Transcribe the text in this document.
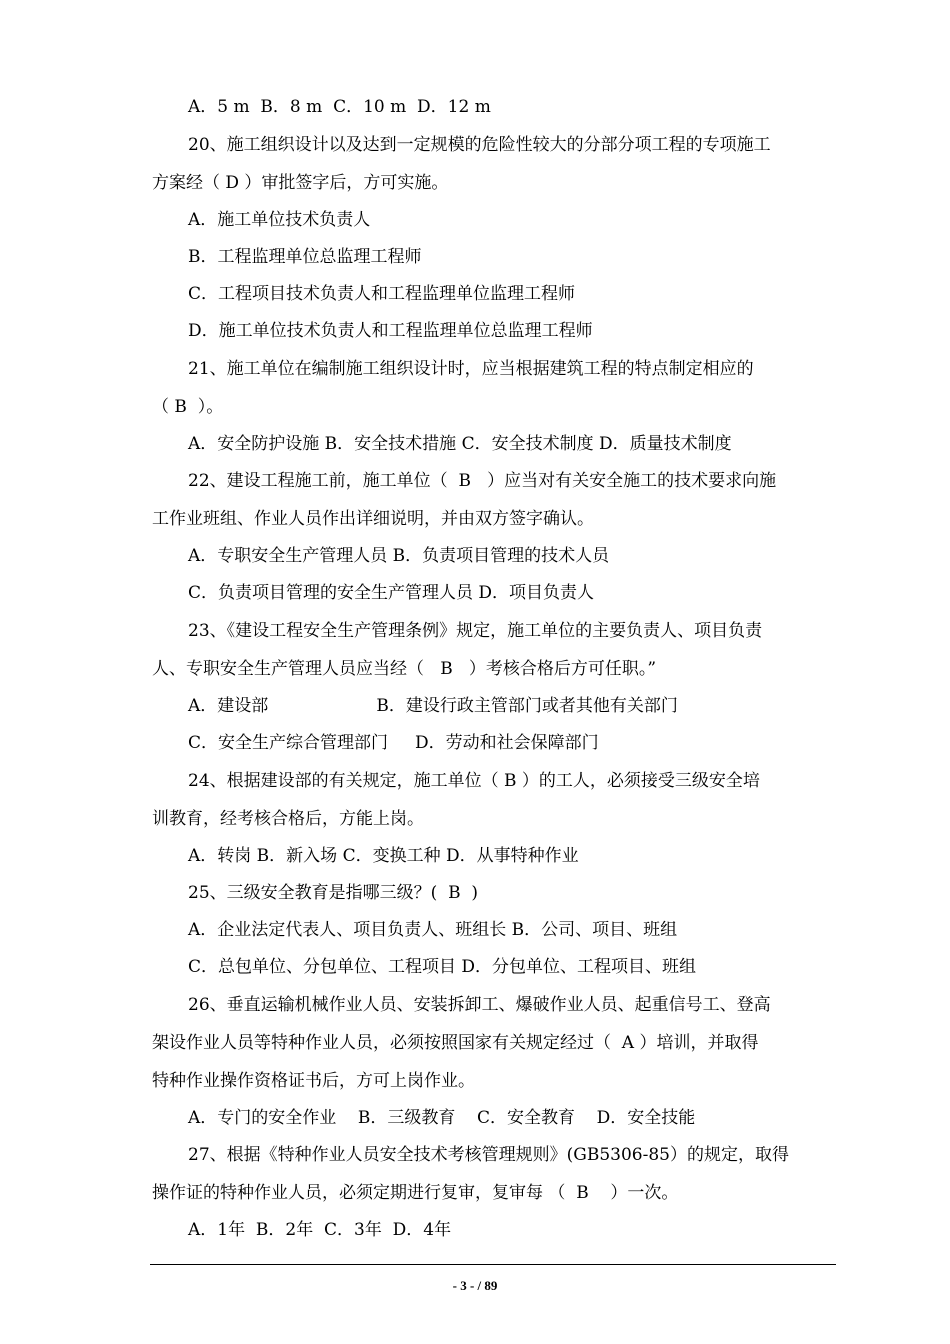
A．5 m  B．8 m  C．10 m  D．12 m
20、施工组织设计以及达到一定规模的危险性较大的分部分项工程的专项施工
方案经（ D ）审批签字后，方可实施。
A．施工单位技术负责人
B．工程监理单位总监理工程师
C．工程项目技术负责人和工程监理单位监理工程师
D．施工单位技术负责人和工程监理单位总监理工程师
21、施工单位在编制施工组织设计时，应当根据建筑工程的特点制定相应的
（ B  ）。
A．安全防护设施 B．安全技术措施 C．安全技术制度 D．质量技术制度
22、建设工程施工前，施工单位（  B   ）应当对有关安全施工的技术要求向施
工作业班组、作业人员作出详细说明，并由双方签字确认。
A．专职安全生产管理人员 B．负责项目管理的技术人员
C．负责项目管理的安全生产管理人员 D．项目负责人
23、《建设工程安全生产管理条例》规定，施工单位的主要负责人、项目负责
人、专职安全生产管理人员应当经（   B   ）考核合格后方可任职。”
A．建设部                    B．建设行政主管部门或者其他有关部门
C．安全生产综合管理部门     D．劳动和社会保障部门
24、根据建设部的有关规定，施工单位（ B ）的工人，必须接受三级安全培
训教育，经考核合格后，方能上岗。
A．转岗 B．新入场 C．变换工种 D．从事特种作业
25、三级安全教育是指哪三级？(  B  )
A．企业法定代表人、项目负责人、班组长 B．公司、项目、班组
C．总包单位、分包单位、工程项目 D．分包单位、工程项目、班组
26、垂直运输机械作业人员、安装拆卸工、爆破作业人员、起重信号工、登高
架设作业人员等特种作业人员，必须按照国家有关规定经过（  A ）培训，并取得
特种作业操作资格证书后，方可上岗作业。
A．专门的安全作业    B．三级教育    C．安全教育    D．安全技能
27、根据《特种作业人员安全技术考核管理规则》(GB5306-85）的规定，取得
操作证的特种作业人员，必须定期进行复审，复审每 （  B    ）一次。
A．1年  B．2年  C．3年  D．4年
- 3 - / 89
